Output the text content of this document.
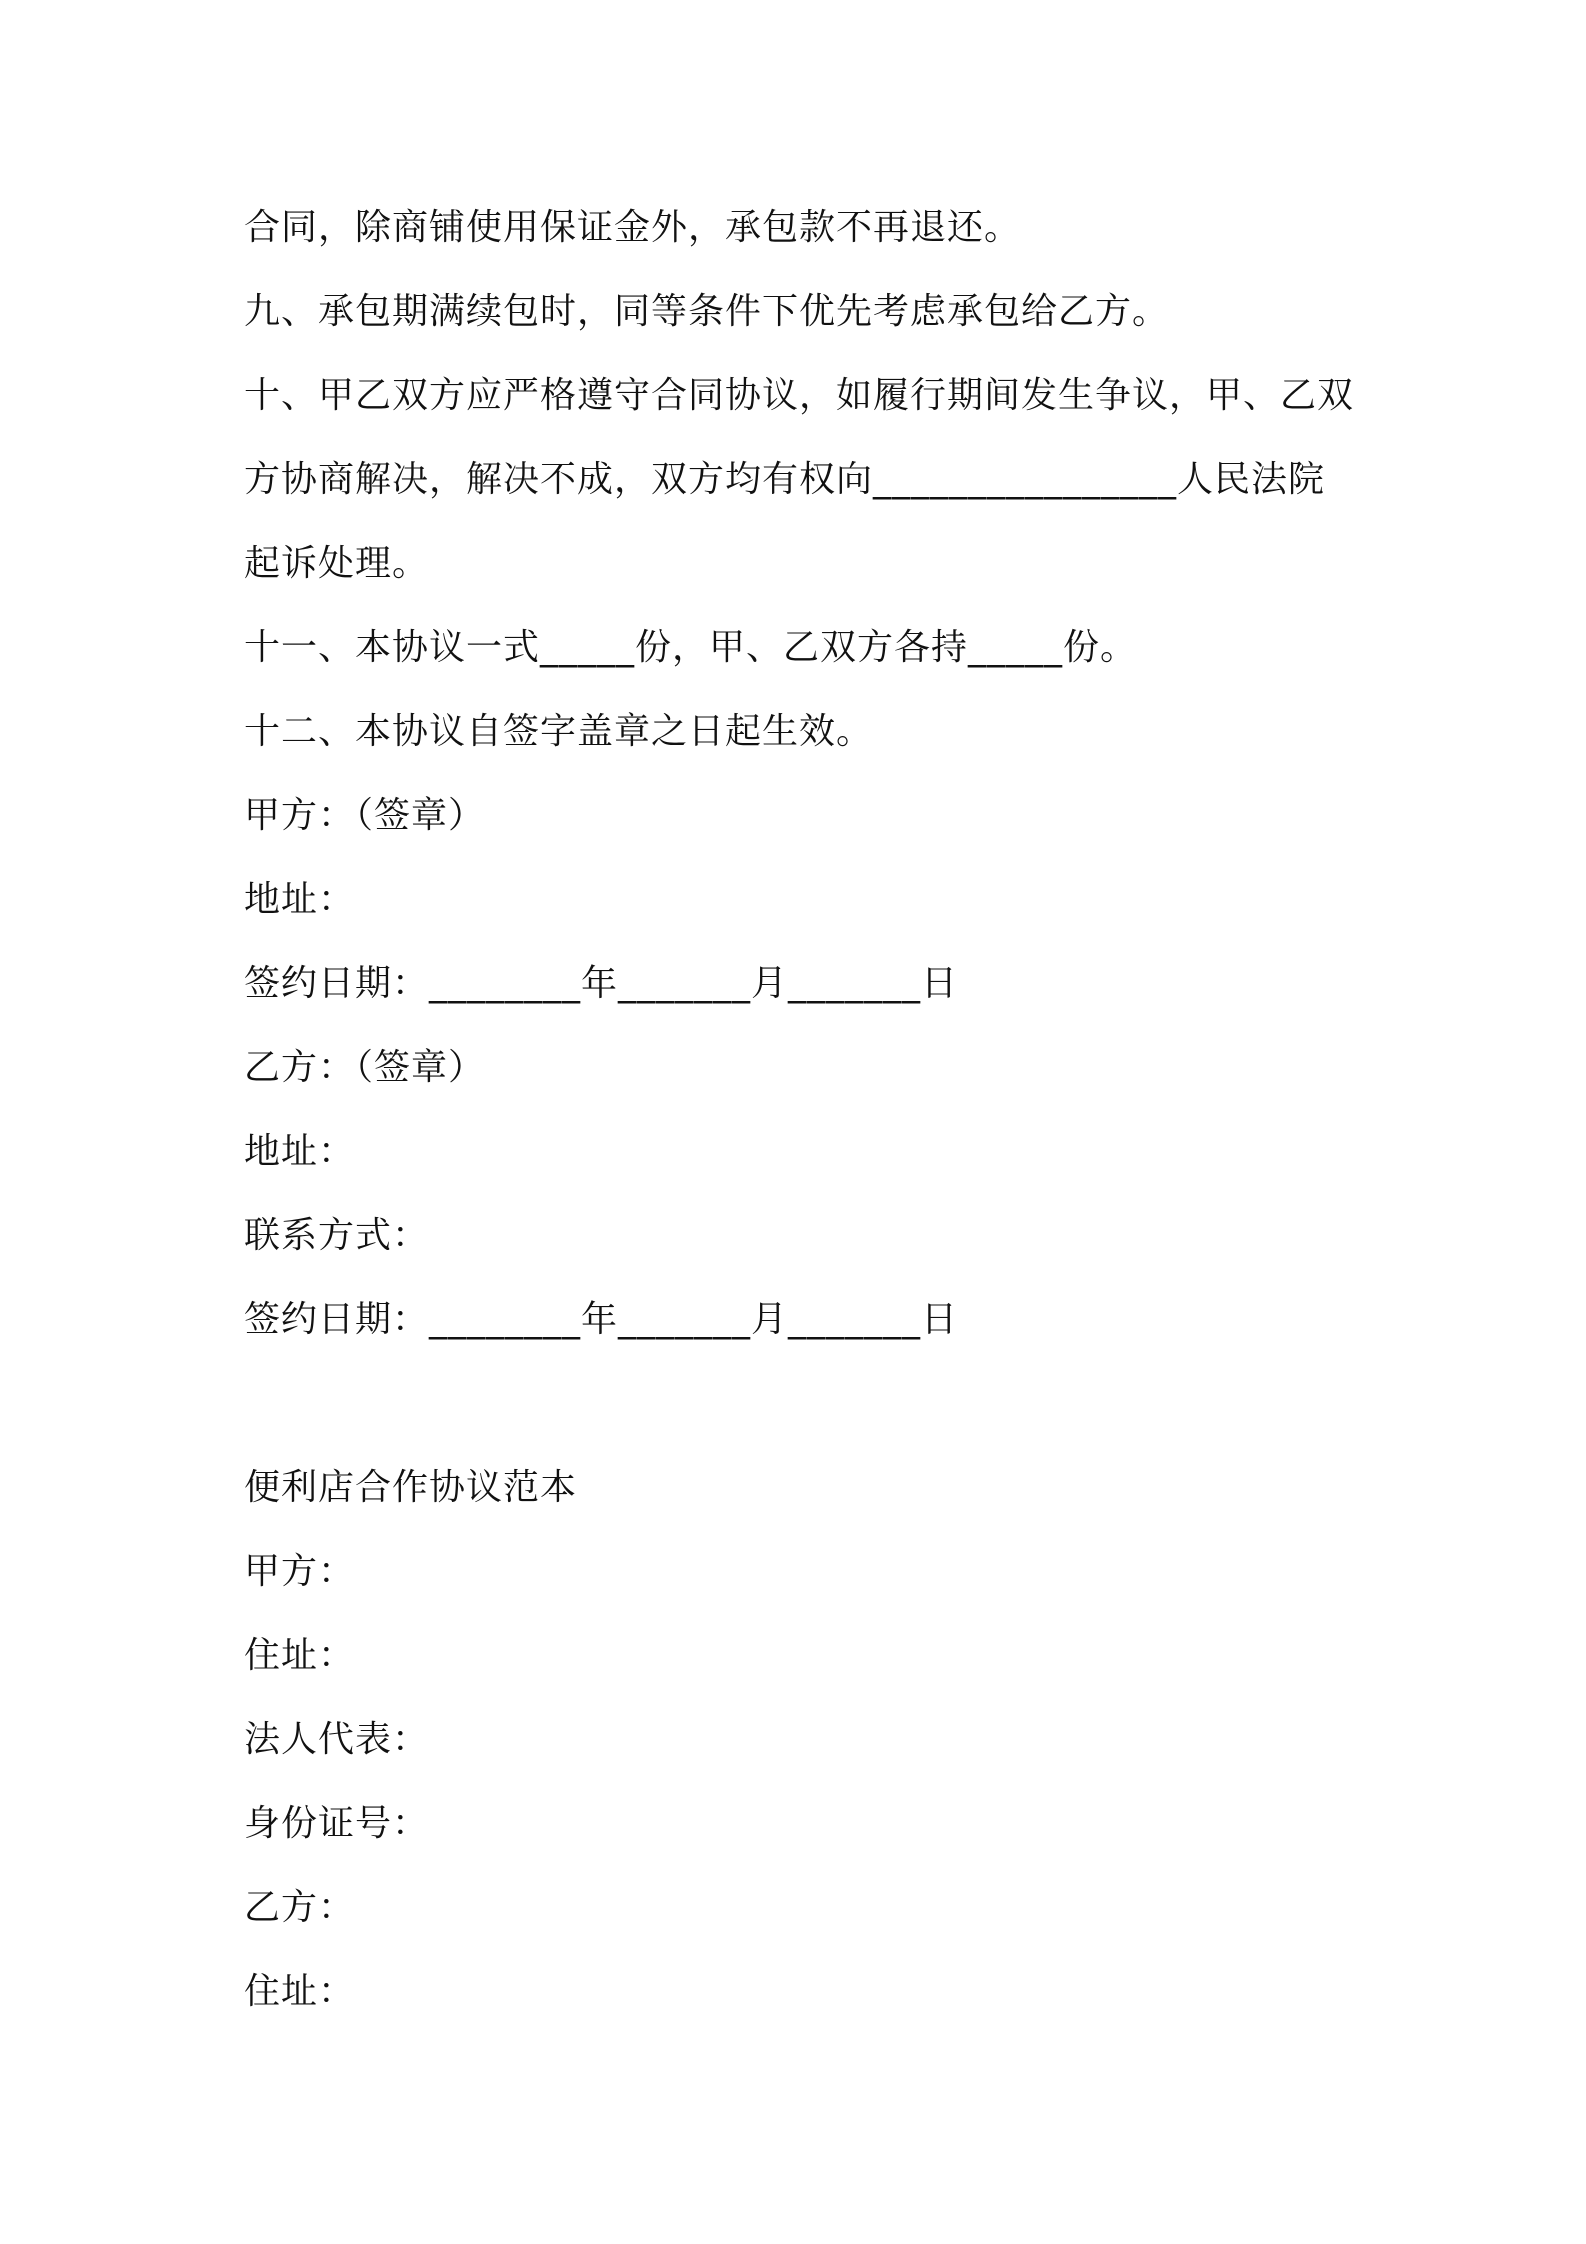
合同，除商铺使用保证金外，承包款不再退还。
九、承包期满续包时，同等条件下优先考虑承包给乙方。
十、甲乙双方应严格遵守合同协议，如履行期间发生争议，甲、乙双
方协商解决，解决不成，双方均有权向________________人民法院
起诉处理。
十一、本协议一式_____份，甲、乙双方各持_____份。
十二、本协议自签字盖章之日起生效。
甲方：（签章）
地址：
签约日期：________年_______月_______日
乙方：（签章）
地址：
联系方式：
签约日期：________年_______月_______日
便利店合作协议范本
甲方：
住址：
法人代表：
身份证号：
乙方：
住址：
